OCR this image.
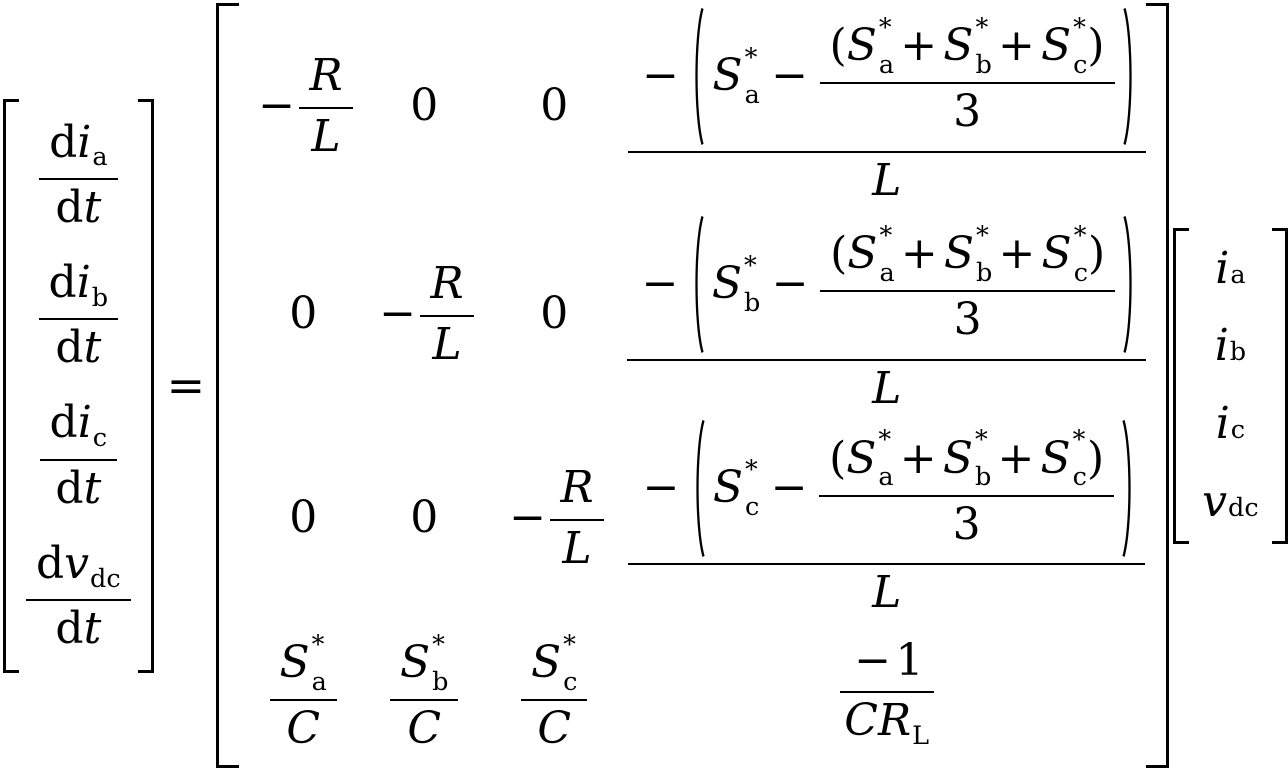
$\frac{di_a}{dt}$
$\frac{di_b}{dt}$
$\frac{di_c}{dt}$
$\frac{dv_{dc}}{dt}$
=
− $\frac{R}{L} 0$ 0
− S *
a −
( S *
a + S *
b + S *
c )
3
L
$0 - \frac{R}{L} 0$
− S *
b −
( S *
a + S *
b + S *
c )
3
L
0 $0 - \frac{R}{L} - S$ *
c −
( S *
a + S *
b + S *
c )
3
L
S *
a
C S *
b
C S *
c
C	$\frac{-1}{CR_L}$
i a
i b
i c
v dc
